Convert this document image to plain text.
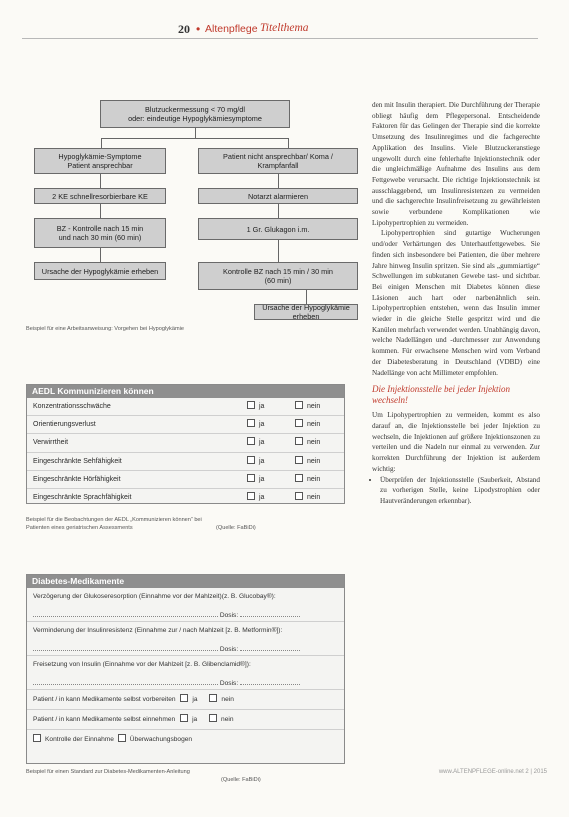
20 • Altenpflege Titelthema
Blutzuckermessung < 70 mg/dl
oder: eindeutige Hypoglykämiesymptome
Hypoglykämie-Symptome
Patient ansprechbar
2 KE schnellresorbierbare KE
BZ - Kontrolle nach 15 min
und nach 30 min (60 min)
Ursache der Hypoglykämie erheben
Patient nicht ansprechbar/ Koma /
Krampfanfall
Notarzt alarmieren
1 Gr. Glukagon i.m.
Kontrolle BZ nach 15 min / 30 min
(60 min)
Ursache der Hypoglykämie erheben
Beispiel für eine Arbeitsanweisung: Vorgehen bei Hypoglykämie
AEDL Kommunizieren können
Konzentrationsschwäche	ja	nein
Orientierungsverlust	ja	nein
Verwirrtheit	ja	nein
Eingeschränkte Sehfähigkeit	ja	nein
Eingeschränkte Hörfähigkeit	ja	nein
Eingeschränkte Sprachfähigkeit	ja	nein
Beispiel für die Beobachtungen der AEDL „Kommunizieren können“ bei
Patienten eines geriatrischen Assessments	(Quelle: FaBiDi)
Diabetes-Medikamente
Verzögerung der Glukoseresorption (Einnahme vor der Mahlzeit)(z. B. Glucobay®):
Dosis:
Verminderung der Insulinresistenz (Einnahme zur / nach Mahlzeit [z. B. Metformin®]):
Dosis:
Freisetzung von Insulin (Einnahme vor der Mahlzeit [z. B. Glibenclamid®]):
Dosis:
Patient / in kann Medikamente selbst vorbereiten	ja	nein
Patient / in kann Medikamente selbst einnehmen	ja	nein
Kontrolle der Einnahme Überwachungsbogen
Beispiel für einen Standard zur Diabetes-Medikamenten-Anleitung
(Quelle: FaBiDi)

den mit Insulin therapiert. Die Durchführung der Therapie obliegt häufig dem Pflegepersonal. Entscheidende Faktoren für das Gelingen der Therapie sind die korrekte Umsetzung des Insulinregimes und die fachgerechte Applikation des Insulins. Viele Blutzuckeranstiege ungewollt durch eine fehlerhafte Injektionstechnik oder die ungleichmäßige Aufnahme des Insulins aus dem Fettgewebe verursacht. Die richtige Injektionstechnik ist ausschlaggebend, um Insulinresistenzen zu vermeiden und die sachgerechte Insulinfreisetzung zu gewährleisten sowie verbundene Komplikationen wie Lipohypertrophien zu vermeiden.

Lipohypertrophien sind gutartige Wucherungen und/oder Verhärtungen des Unterhautfettgewebes. Sie finden sich insbesondere bei Patienten, die über mehrere Jahre hinweg Insulin spritzen. Sie sind als „gummiartige“ Schwellungen im subkutanen Gewebe tast- und sichtbar. Bei einigen Menschen mit Diabetes können diese Läsionen auch hart oder narbenähnlich sein. Lipohypertrophien entstehen, wenn das Insulin immer wieder in die gleiche Stelle gespritzt wird und die Kanülen mehrfach verwendet werden. Unabhängig davon, welche Nadellängen und -durchmesser zur Anwendung kommen. Für erwachsene Menschen wird vom Verband der Diabetesberatung in Deutschland (VDBD) eine Nadellänge von acht Millimeter empfohlen.

Die Injektionsstelle bei jeder Injektion wechseln!

Um Lipohypertrophien zu vermeiden, kommt es also darauf an, die Injektionsstelle bei jeder Injektion zu wechseln, die Injektionen auf größere Injektionszonen zu verteilen und die Nadeln nur einmal zu verwenden. Zur korrekten Durchführung der Injektion ist außerdem wichtig:

• Überprüfen der Injektionsstelle (Sauberkeit, Abstand zu vorherigen Stelle, keine Lipodystrophien oder Hautveränderungen erkennbar).
www.ALTENPFLEGE-online.net 2 | 2015
